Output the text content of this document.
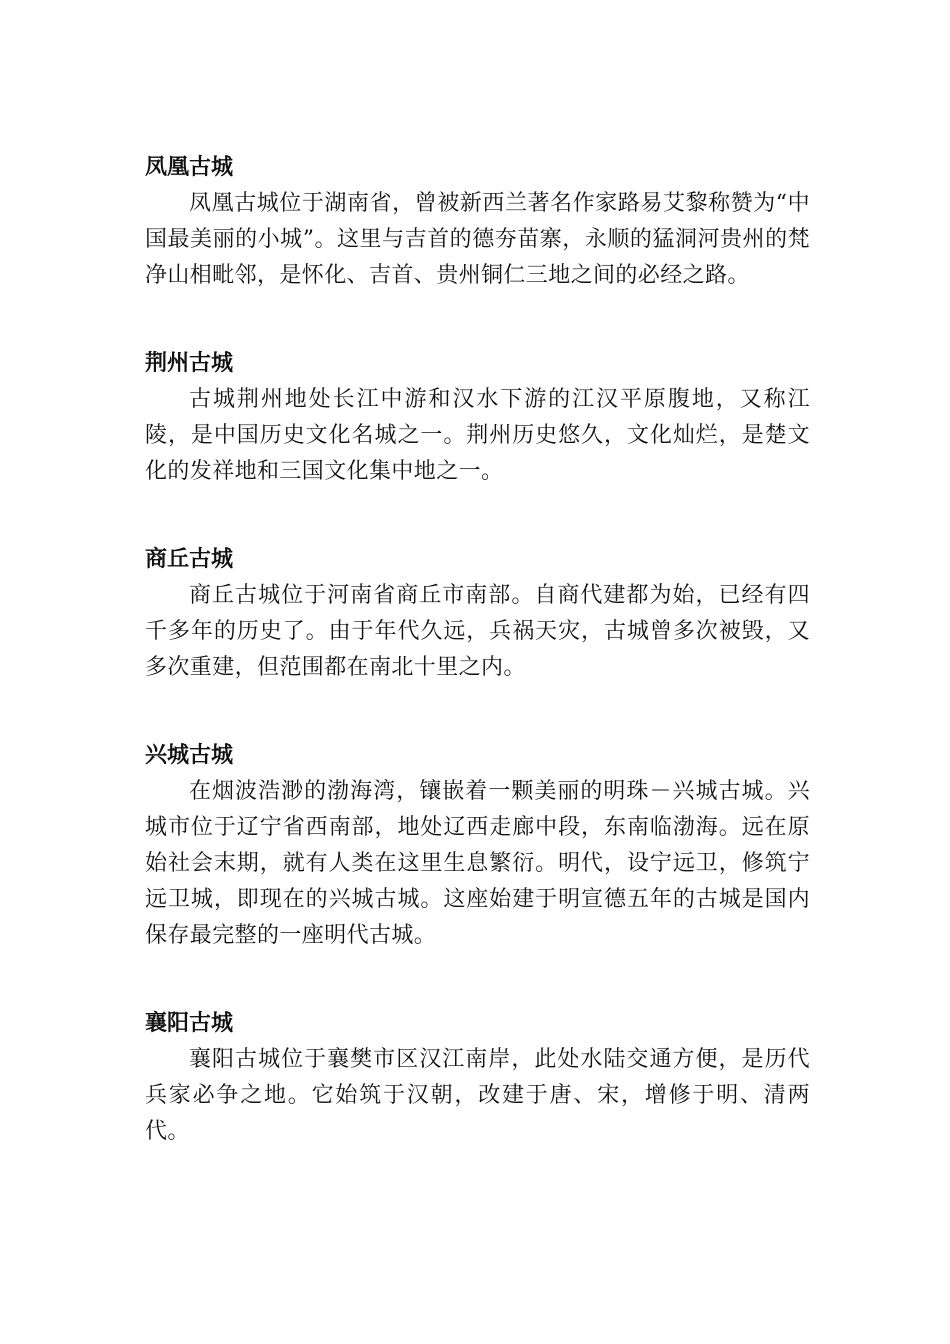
凤凰古城

凤凰古城位于湖南省，曾被新西兰著名作家路易艾黎称赞为“中国最美丽的小城”。这里与吉首的德夯苗寨，永顺的猛洞河贵州的梵净山相毗邻，是怀化、吉首、贵州铜仁三地之间的必经之路。

荆州古城

古城荆州地处长江中游和汉水下游的江汉平原腹地，又称江陵，是中国历史文化名城之一。荆州历史悠久，文化灿烂，是楚文化的发祥地和三国文化集中地之一。

商丘古城

商丘古城位于河南省商丘市南部。自商代建都为始，已经有四千多年的历史了。由于年代久远，兵祸天灾，古城曾多次被毁，又多次重建，但范围都在南北十里之内。

兴城古城

在烟波浩渺的渤海湾，镶嵌着一颗美丽的明珠－兴城古城。兴城市位于辽宁省西南部，地处辽西走廊中段，东南临渤海。远在原始社会末期，就有人类在这里生息繁衍。明代，设宁远卫，修筑宁远卫城，即现在的兴城古城。这座始建于明宣德五年的古城是国内保存最完整的一座明代古城。

襄阳古城

襄阳古城位于襄樊市区汉江南岸，此处水陆交通方便，是历代兵家必争之地。它始筑于汉朝，改建于唐、宋，增修于明、清两代。
